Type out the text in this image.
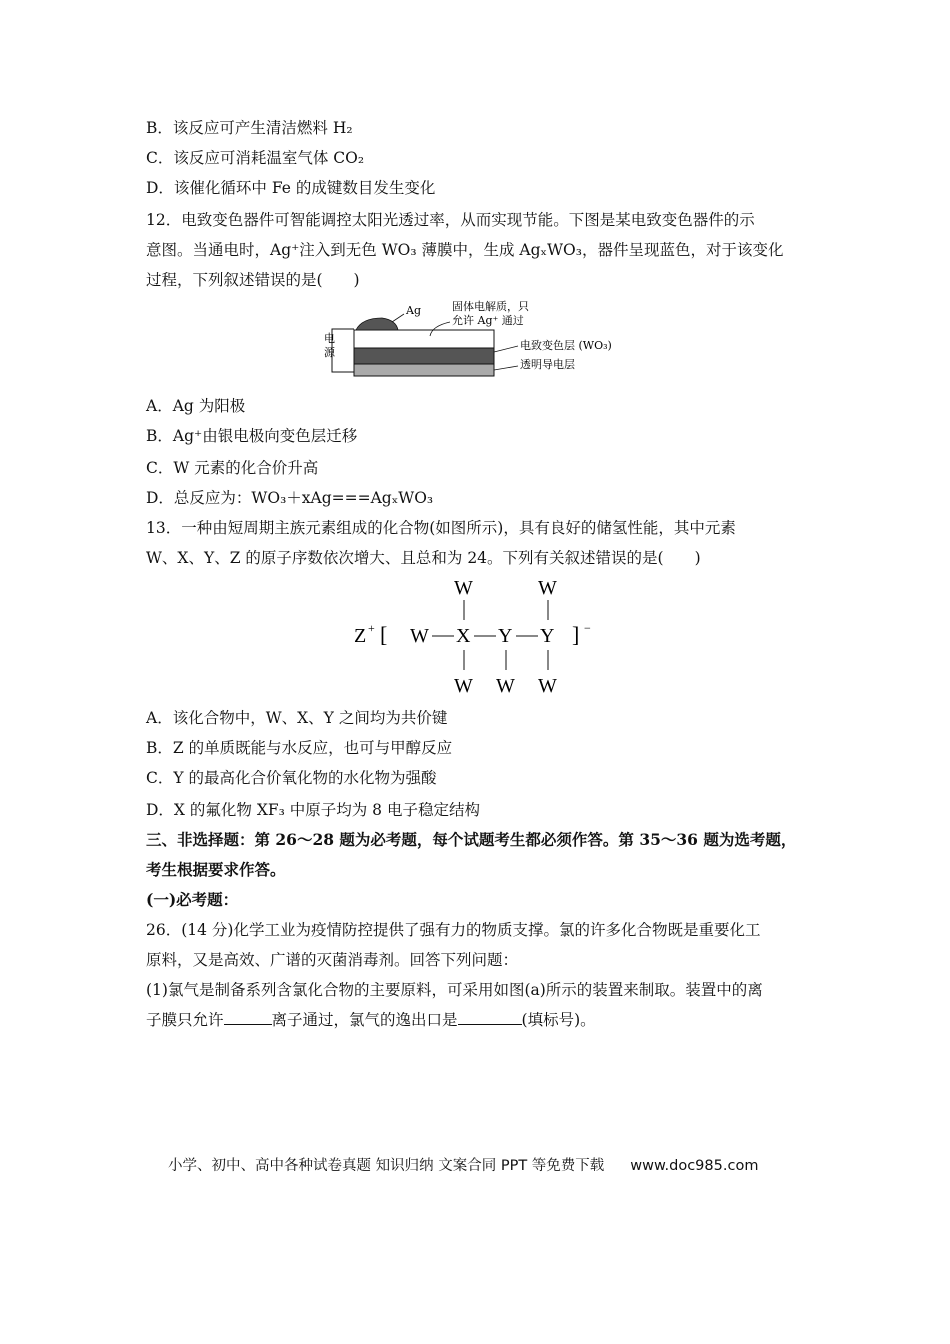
B．该反应可产生清洁燃料 H₂
C．该反应可消耗温室气体 CO₂
D．该催化循环中 Fe 的成键数目发生变化
12．电致变色器件可智能调控太阳光透过率，从而实现节能。下图是某电致变色器件的示
意图。当通电时，Ag⁺注入到无色 WO₃ 薄膜中，生成 AgₓWO₃，器件呈现蓝色，对于该变化
过程，下列叙述错误的是(　　)
电
源
Ag	固体电解质，只
允许 Ag⁺ 通过
电致变色层 (WO₃)
透明导电层
A．Ag 为阳极
B．Ag⁺由银电极向变色层迁移
C．W 元素的化合价升高
D．总反应为：WO₃＋xAg===AgₓWO₃
13．一种由短周期主族元素组成的化合物(如图所示)，具有良好的储氢性能，其中元素
W、X、Y、Z 的原子序数依次增大、且总和为 24。下列有关叙述错误的是(　　)
W	W
Z + [ W X Y Y ] −
W W W
A．该化合物中，W、X、Y 之间均为共价键
B．Z 的单质既能与水反应，也可与甲醇反应
C．Y 的最高化合价氧化物的水化物为强酸
D．X 的氟化物 XF₃ 中原子均为 8 电子稳定结构
三、非选择题：第 26～28 题为必考题，每个试题考生都必须作答。第 35～36 题为选考题，
考生根据要求作答。
(一)必考题：
26．(14 分)化学工业为疫情防控提供了强有力的物质支撑。氯的许多化合物既是重要化工
原料，又是高效、广谱的灭菌消毒剂。回答下列问题：
(1)氯气是制备系列含氯化合物的主要原料，可采用如图(a)所示的装置来制取。装置中的离
子膜只允许	离子通过，氯气的逸出口是	(填标号)。
小学、初中、高中各种试卷真题 知识归纳 文案合同 PPT 等免费下载 www.doc985.com
